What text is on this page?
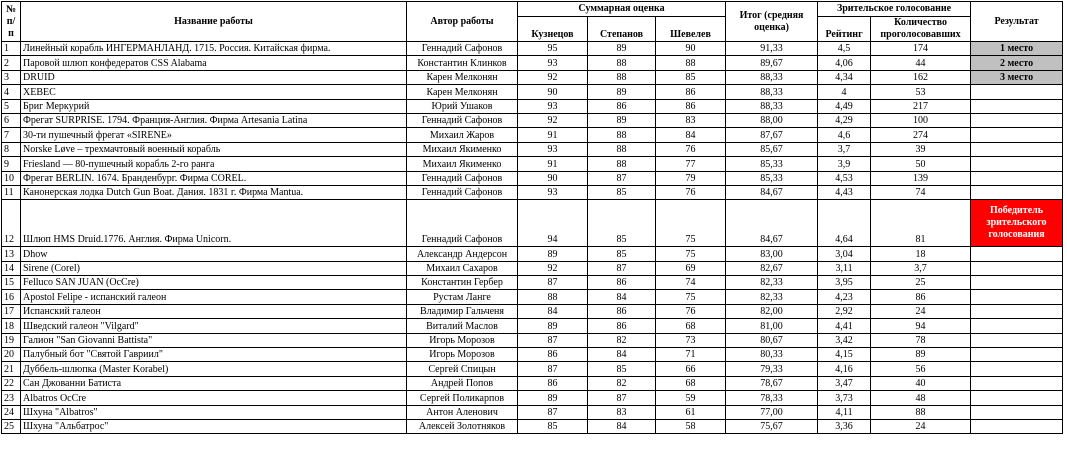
№ п/п	Название работы	Автор работы	Суммарная оценка			Итог (средняя оценка)	Зрительское голосование		Результат
			Кузнецов	Степанов	Шевелев		Рейтинг	Количество проголосовавших	
1	Линейный корабль ИНГЕРМАНЛАНД. 1715. Россия. Китайская фирма.	Геннадий Сафонов	95	89	90	91,33	4,5	174	1 место
2	Паровой шлюп конфедератов CSS Alabama	Константин Клинков	93	88	88	89,67	4,06	44	2 место
3	DRUID	Карен Мелконян	92	88	85	88,33	4,34	162	3 место
4	XEBEC	Карен Мелконян	90	89	86	88,33	4	53	
5	Бриг Меркурий	Юрий Ушаков	93	86	86	88,33	4,49	217	
6	Фрегат SURPRISE. 1794. Франция-Англия. Фирма Artesania Latina	Геннадий Сафонов	92	89	83	88,00	4,29	100	
7	30-ти пушечный фрегат «SIRENE»	Михаил Жаров	91	88	84	87,67	4,6	274	
8	Norske Løve – трехмачтовый военный корабль	Михаил Якименко	93	88	76	85,67	3,7	39	
9	Friesland — 80-пушечный корабль 2-го ранга	Михаил Якименко	91	88	77	85,33	3,9	50	
10	Фрегат BERLIN. 1674. Бранденбург. Фирма COREL.	Геннадий Сафонов	90	87	79	85,33	4,53	139	
11	Канонерская лодка Dutch Gun Boat. Дания. 1831 г. Фирма Mantua.	Геннадий Сафонов	93	85	76	84,67	4,43	74	
12	Шлюп HMS Druid.1776. Англия. Фирма Unicorn.	Геннадий Сафонов	94	85	75	84,67	4,64	81	Победитель зрительского голосования
13	Dhow	Александр Андерсон	89	85	75	83,00	3,04	18	
14	Sirene (Corel)	Михаил Сахаров	92	87	69	82,67	3,11	3,7	
15	Felluco SAN JUAN (OcCre)	Константин Гербер	87	86	74	82,33	3,95	25	
16	Apostol Felipe - испанский галеон	Рустам Ланге	88	84	75	82,33	4,23	86	
17	Испанский галеон	Владимир Гальченя	84	86	76	82,00	2,92	24	
18	Шведский галеон "Vilgard"	Виталий Маслов	89	86	68	81,00	4,41	94	
19	Галион "San Giovanni Battista"	Игорь Морозов	87	82	73	80,67	3,42	78	
20	Палубный бот "Святой Гавриил"	Игорь Морозов	86	84	71	80,33	4,15	89	
21	Дуббель-шлюпка (Master Korabel)	Сергей Спицын	87	85	66	79,33	4,16	56	
22	Сан Джованни Батиста	Андрей Попов	86	82	68	78,67	3,47	40	
23	Albatros OcCre	Сергей Поликарпов	89	87	59	78,33	3,73	48	
24	Шхуна "Albatros"	Антон Аленович	87	83	61	77,00	4,11	88	
25	Шхуна "Альбатрос"	Алексей Золотняков	85	84	58	75,67	3,36	24	
